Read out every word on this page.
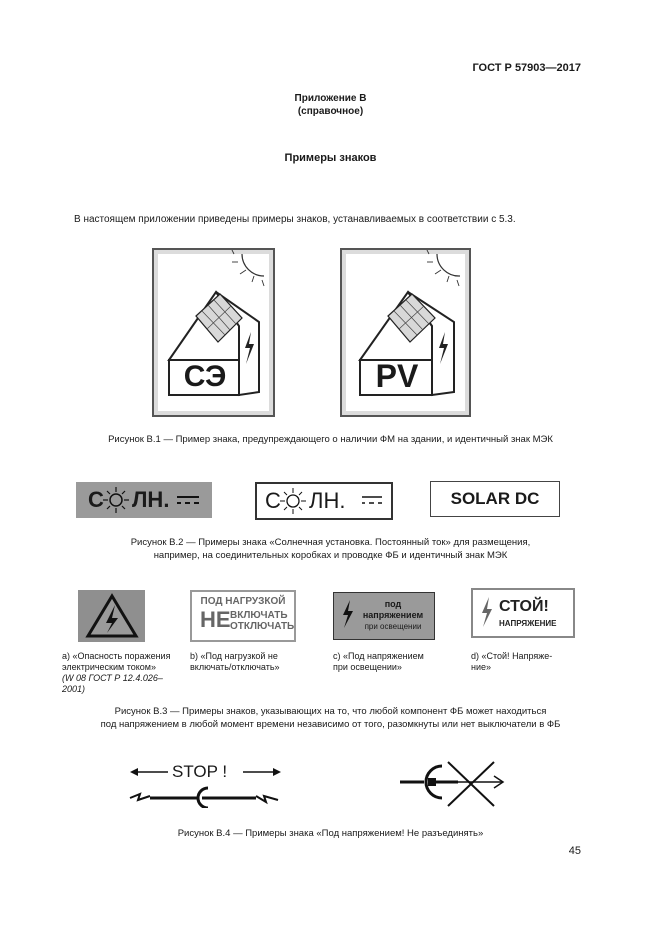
ГОСТ Р 57903—2017
Приложение В
(справочное)
Примеры знаков
В настоящем приложении приведены примеры знаков, устанавливаемых в соответствии с 5.3.
СЭ	PV
Рисунок В.1 — Пример знака, предупреждающего о наличии ФМ на здании, и идентичный знак МЭК
С ЛН.	С ЛН.	SOLAR DC
Рисунок В.2 — Примеры знака «Солнечная установка. Постоянный ток» для размещения,
например, на соединительных коробках и проводке ФБ и идентичный знак МЭК
ПОД НАГРУЗКОЙ
НЕ ВКЛЮЧАТЬ
ОТКЛЮЧАТЬ
под
напряжением
при освещении
СТОЙ!
НАПРЯЖЕНИЕ
а) «Опасность поражения
электрическим током»
(W 08 ГОСТ Р 12.4.026–
2001)
b) «Под нагрузкой не
включать/отключать»
с) «Под напряжением
при освещении»
d) «Стой! Напряже-
ние»
Рисунок В.3 — Примеры знаков, указывающих на то, что любой компонент ФБ может находиться
под напряжением в любой момент времени независимо от того, разомкнуты или нет выключатели в ФБ
STOP !
Рисунок В.4 — Примеры знака «Под напряжением! Не разъединять»
45
